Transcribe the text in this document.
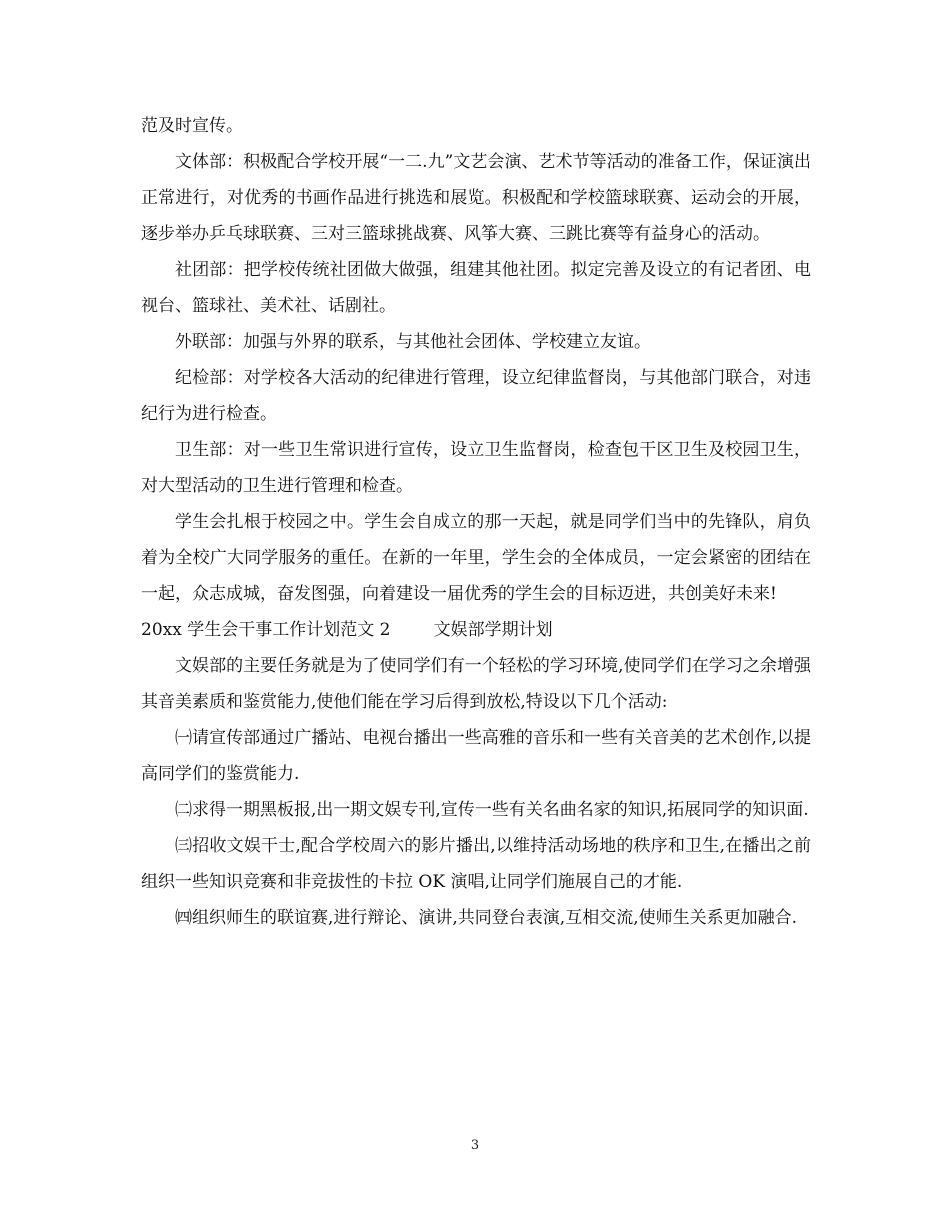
范及时宣传。

文体部：积极配合学校开展“一二.九”文艺会演、艺术节等活动的准备工作，保证演出正常进行，对优秀的书画作品进行挑选和展览。积极配和学校篮球联赛、运动会的开展，逐步举办乒乓球联赛、三对三篮球挑战赛、风筝大赛、三跳比赛等有益身心的活动。

社团部：把学校传统社团做大做强，组建其他社团。拟定完善及设立的有记者团、电视台、篮球社、美术社、话剧社。

外联部：加强与外界的联系，与其他社会团体、学校建立友谊。

纪检部：对学校各大活动的纪律进行管理，设立纪律监督岗，与其他部门联合，对违纪行为进行检查。

卫生部：对一些卫生常识进行宣传，设立卫生监督岗，检查包干区卫生及校园卫生，对大型活动的卫生进行管理和检查。

学生会扎根于校园之中。学生会自成立的那一天起，就是同学们当中的先锋队，肩负着为全校广大同学服务的重任。在新的一年里，学生会的全体成员，一定会紧密的团结在一起，众志成城，奋发图强，向着建设一届优秀的学生会的目标迈进，共创美好未来!

20xx 学生会干事工作计划范文 2        文娱部学期计划

文娱部的主要任务就是为了使同学们有一个轻松的学习环境,使同学们在学习之余增强其音美素质和鉴赏能力,使他们能在学习后得到放松,特设以下几个活动:

㈠请宣传部通过广播站、电视台播出一些高雅的音乐和一些有关音美的艺术创作,以提高同学们的鉴赏能力.

㈡求得一期黑板报,出一期文娱专刊,宣传一些有关名曲名家的知识,拓展同学的知识面.

㈢招收文娱干士,配合学校周六的影片播出,以维持活动场地的秩序和卫生,在播出之前组织一些知识竞赛和非竞拔性的卡拉 OK 演唱,让同学们施展自己的才能.

㈣组织师生的联谊赛,进行辩论、演讲,共同登台表演,互相交流,使师生关系更加融合.

3
